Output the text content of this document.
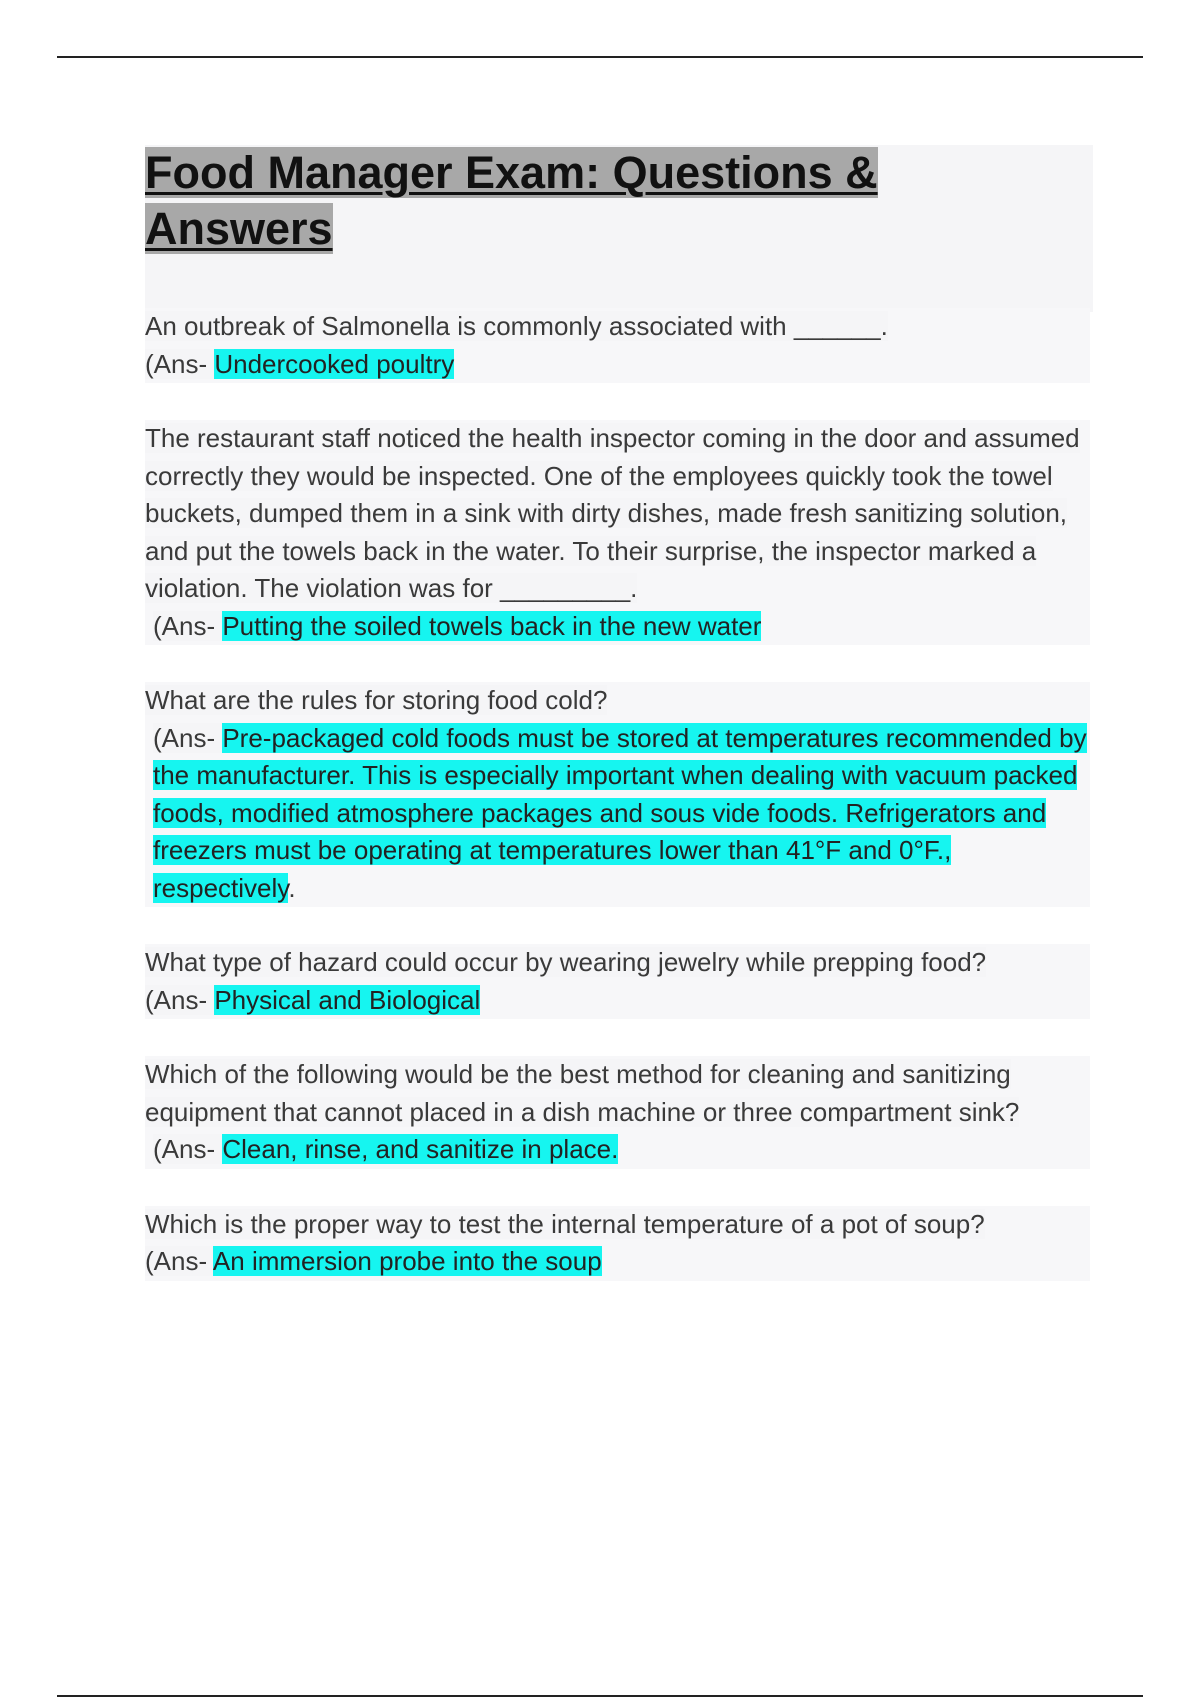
Food Manager Exam: Questions & Answers

An outbreak of Salmonella is commonly associated with ______.

(Ans- Undercooked poultry

The restaurant staff noticed the health inspector coming in the door and assumed correctly they would be inspected. One of the employees quickly took the towel buckets, dumped them in a sink with dirty dishes, made fresh sanitizing solution, and put the towels back in the water. To their surprise, the inspector marked a violation. The violation was for _________.

(Ans- Putting the soiled towels back in the new water

What are the rules for storing food cold?

(Ans- Pre-packaged cold foods must be stored at temperatures recommended by the manufacturer. This is especially important when dealing with vacuum packed foods, modified atmosphere packages and sous vide foods. Refrigerators and freezers must be operating at temperatures lower than 41°F and 0°F., respectively.

What type of hazard could occur by wearing jewelry while prepping food?

(Ans- Physical and Biological

Which of the following would be the best method for cleaning and sanitizing equipment that cannot placed in a dish machine or three compartment sink?

(Ans- Clean, rinse, and sanitize in place.

Which is the proper way to test the internal temperature of a pot of soup?

(Ans- An immersion probe into the soup
